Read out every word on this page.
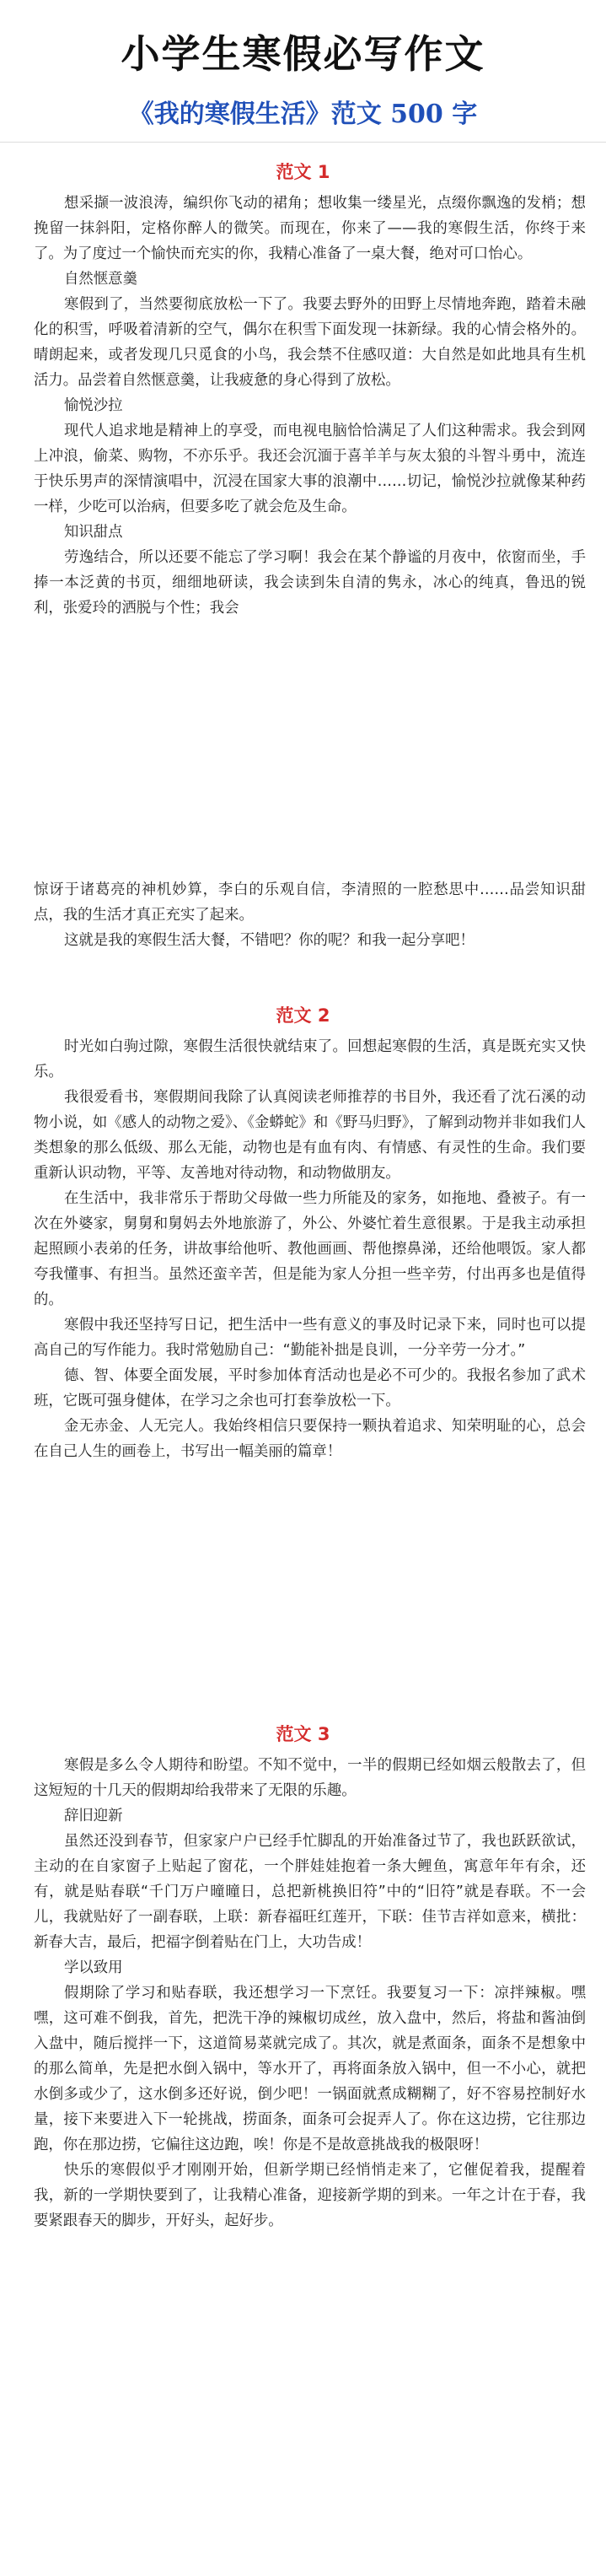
小学生寒假必写作文
《我的寒假生活》范文 500 字
范文 1

想采撷一波浪涛，编织你飞动的裙角；想收集一缕星光，点缀你飘逸的发梢；想挽留一抹斜阳，定格你醉人的微笑。而现在，你来了——我的寒假生活，你终于来了。为了度过一个愉快而充实的你，我精心准备了一桌大餐，绝对可口怡心。

自然惬意羹

寒假到了，当然要彻底放松一下了。我要去野外的田野上尽情地奔跑，踏着未融化的积雪，呼吸着清新的空气，偶尔在积雪下面发现一抹新绿。我的心情会格外的。晴朗起来，或者发现几只觅食的小鸟，我会禁不住感叹道：大自然是如此地具有生机活力。品尝着自然惬意羹，让我疲惫的身心得到了放松。

愉悦沙拉

现代人追求地是精神上的享受，而电视电脑恰恰满足了人们这种需求。我会到网上冲浪，偷菜、购物，不亦乐乎。我还会沉湎于喜羊羊与灰太狼的斗智斗勇中，流连于快乐男声的深情演唱中，沉浸在国家大事的浪潮中……切记，愉悦沙拉就像某种药一样，少吃可以治病，但要多吃了就会危及生命。

知识甜点

劳逸结合，所以还要不能忘了学习啊！我会在某个静谧的月夜中，依窗而坐，手捧一本泛黄的书页，细细地研读，我会读到朱自清的隽永，冰心的纯真，鲁迅的锐利，张爱玲的洒脱与个性；我会

惊讶于诸葛亮的神机妙算，李白的乐观自信，李清照的一腔愁思中……品尝知识甜点，我的生活才真正充实了起来。

这就是我的寒假生活大餐，不错吧？你的呢？和我一起分享吧！

范文 2

时光如白驹过隙，寒假生活很快就结束了。回想起寒假的生活，真是既充实又快乐。

我很爱看书，寒假期间我除了认真阅读老师推荐的书目外，我还看了沈石溪的动物小说，如《感人的动物之爱》、《金蟒蛇》和《野马归野》，了解到动物并非如我们人类想象的那么低级、那么无能，动物也是有血有肉、有情感、有灵性的生命。我们要重新认识动物，平等、友善地对待动物，和动物做朋友。

在生活中，我非常乐于帮助父母做一些力所能及的家务，如拖地、叠被子。有一次在外婆家，舅舅和舅妈去外地旅游了，外公、外婆忙着生意很累。于是我主动承担起照顾小表弟的任务，讲故事给他听、教他画画、帮他擦鼻涕，还给他喂饭。家人都夸我懂事、有担当。虽然还蛮辛苦，但是能为家人分担一些辛劳，付出再多也是值得的。

寒假中我还坚持写日记，把生活中一些有意义的事及时记录下来，同时也可以提高自己的写作能力。我时常勉励自己：“勤能补拙是良训，一分辛劳一分才。”

德、智、体要全面发展，平时参加体育活动也是必不可少的。我报名参加了武术班，它既可强身健体，在学习之余也可打套拳放松一下。

金无赤金、人无完人。我始终相信只要保持一颗执着追求、知荣明耻的心，总会在自己人生的画卷上，书写出一幅美丽的篇章！

范文 3

寒假是多么令人期待和盼望。不知不觉中，一半的假期已经如烟云般散去了，但这短短的十几天的假期却给我带来了无限的乐趣。

辞旧迎新

虽然还没到春节，但家家户户已经手忙脚乱的开始准备过节了，我也跃跃欲试，主动的在自家窗子上贴起了窗花，一个胖娃娃抱着一条大鲤鱼，寓意年年有余，还有，就是贴春联“千门万户曈曈日，总把新桃换旧符”中的“旧符”就是春联。不一会儿，我就贴好了一副春联，上联：新春福旺红莲开，下联：佳节吉祥如意来，横批：新春大吉，最后，把福字倒着贴在门上，大功告成！

学以致用

假期除了学习和贴春联，我还想学习一下烹饪。我要复习一下：凉拌辣椒。嘿嘿，这可难不倒我，首先，把洗干净的辣椒切成丝，放入盘中，然后，将盐和酱油倒入盘中，随后搅拌一下，这道简易菜就完成了。其次，就是煮面条，面条不是想象中的那么简单，先是把水倒入锅中，等水开了，再将面条放入锅中，但一不小心，就把水倒多或少了，这水倒多还好说，倒少吧！一锅面就煮成糊糊了，好不容易控制好水量，接下来要进入下一轮挑战，捞面条，面条可会捉弄人了。你在这边捞，它往那边跑，你在那边捞，它偏往这边跑，唉！你是不是故意挑战我的极限呀！

快乐的寒假似乎才刚刚开始，但新学期已经悄悄走来了，它催促着我，提醒着我，新的一学期快要到了，让我精心准备，迎接新学期的到来。一年之计在于春，我要紧跟春天的脚步，开好头，起好步。
